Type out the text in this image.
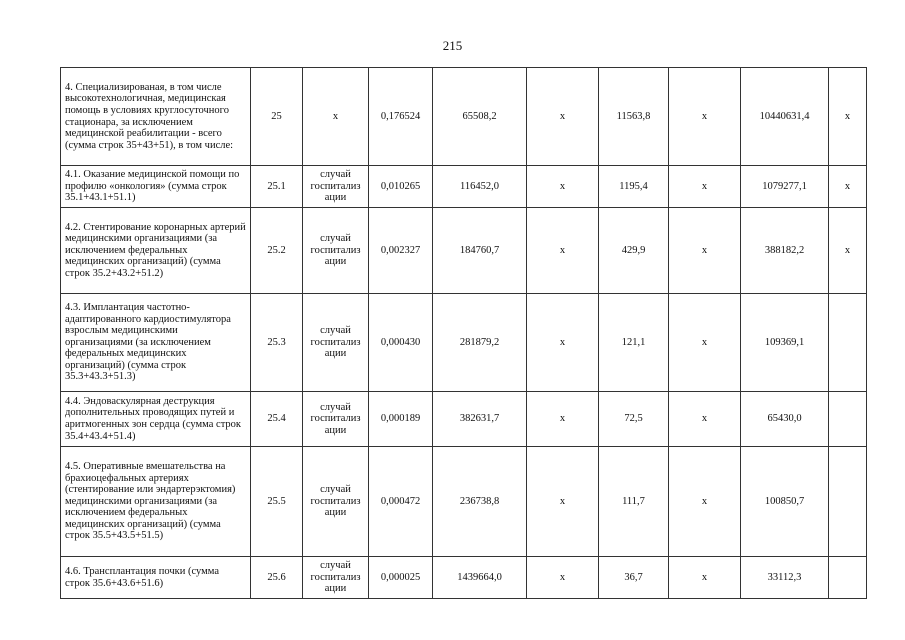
215
4. Специализированая, в том числе высокотехнологичная, медицинская помощь в условиях круглосуточного стационара, за исключением медицинской реабилитации - всего (сумма строк 35+43+51), в том числе:	25	х	0,176524	65508,2	х	11563,8	х	10440631,4	х
4.1. Оказание медицинской помощи по профилю «онкология» (сумма строк 35.1+43.1+51.1)	25.1	случай госпитализ ации	0,010265	116452,0	х	1195,4	х	1079277,1	х
4.2. Стентирование коронарных артерий медицинскими организациями (за исключением федеральных медицинских организаций) (сумма строк 35.2+43.2+51.2)	25.2	случай госпитализ ации	0,002327	184760,7	х	429,9	х	388182,2	х
4.3. Имплантация частотно-адаптированного кардиостимулятора взрослым медицинскими организациями (за исключением федеральных медицинских организаций) (сумма строк 35.3+43.3+51.3)	25.3	случай госпитализ ации	0,000430	281879,2	х	121,1	х	109369,1	
4.4. Эндоваскулярная деструкция дополнительных проводящих путей и аритмогенных зон сердца (сумма строк 35.4+43.4+51.4)	25.4	случай госпитализ ации	0,000189	382631,7	х	72,5	х	65430,0	
4.5. Оперативные вмешательства на брахиоцефальных артериях (стентирование или эндартерэктомия) медицинскими организациями (за исключением федеральных медицинских организаций) (сумма строк 35.5+43.5+51.5)	25.5	случай госпитализ ации	0,000472	236738,8	х	111,7	х	100850,7	
4.6. Трансплантация почки (сумма строк 35.6+43.6+51.6)	25.6	случай госпитализ ации	0,000025	1439664,0	х	36,7	х	33112,3	
